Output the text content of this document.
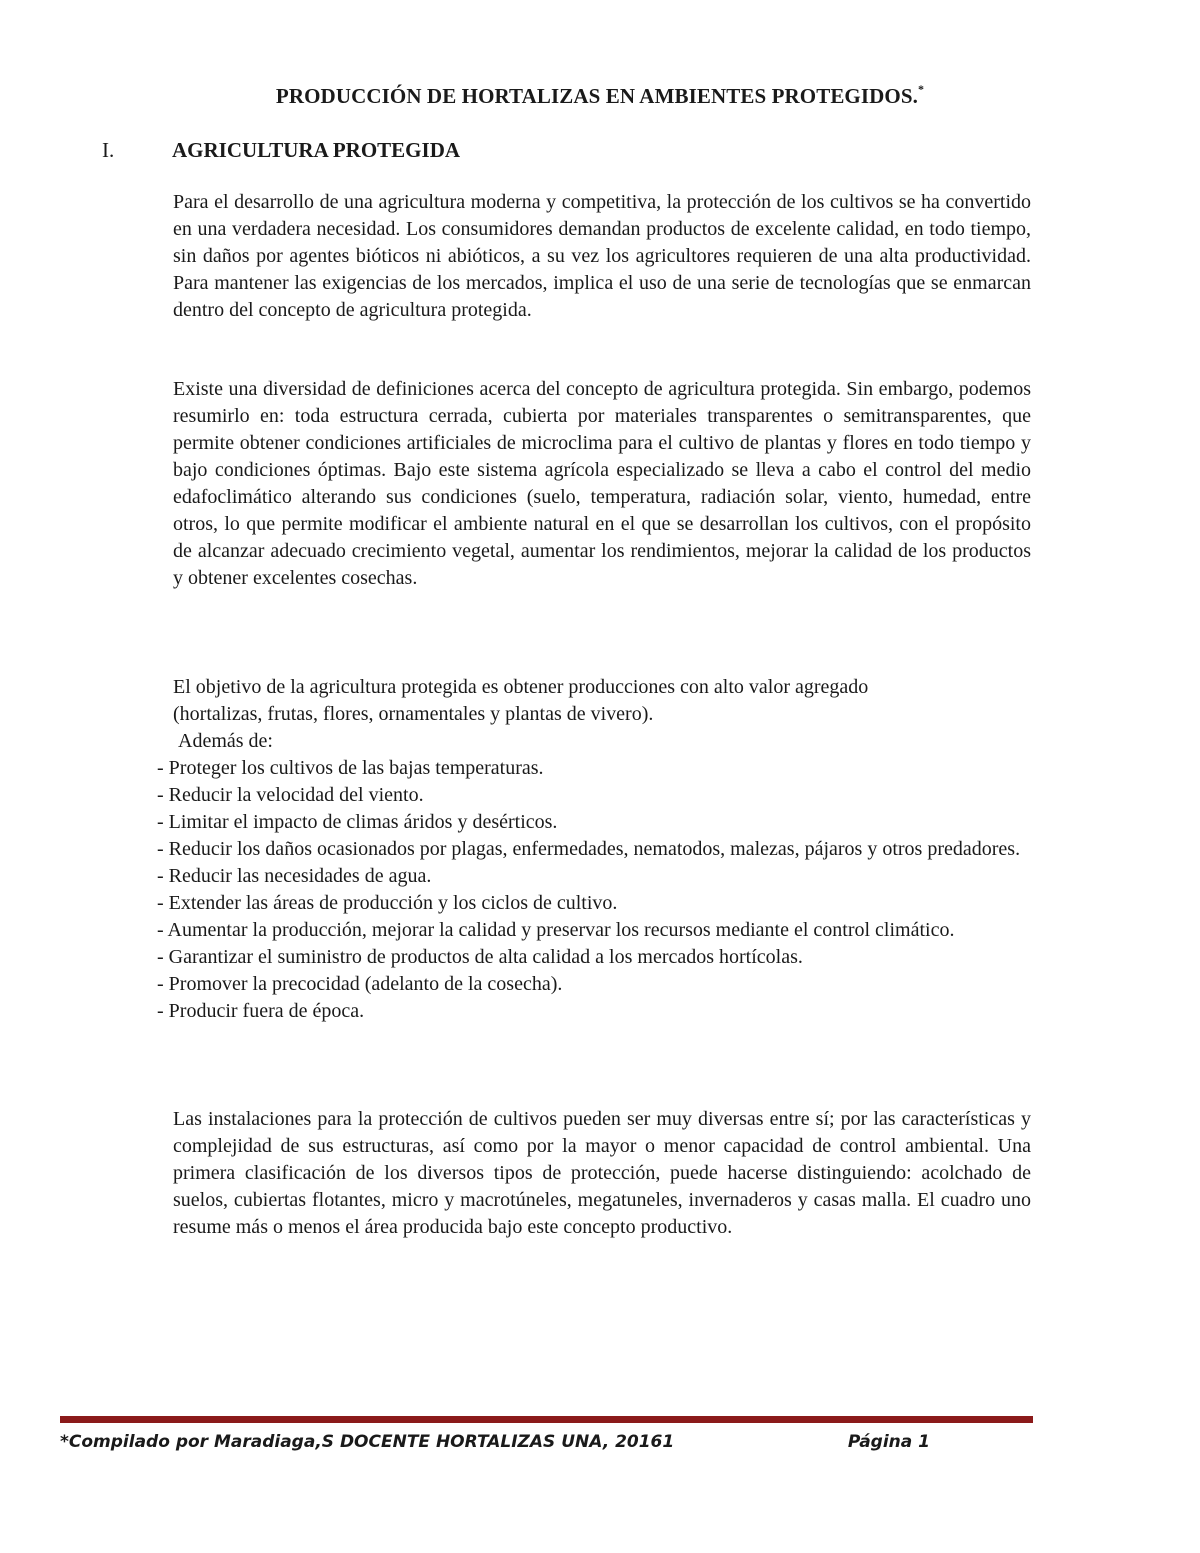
PRODUCCIÓN DE HORTALIZAS EN AMBIENTES PROTEGIDOS.*
I.	AGRICULTURA PROTEGIDA
Para el desarrollo de una agricultura moderna y competitiva, la protección de los cultivos se ha convertido en una verdadera necesidad. Los consumidores demandan productos de excelente calidad, en todo tiempo, sin daños por agentes bióticos ni abióticos, a su vez los agricultores requieren de una alta productividad. Para mantener las exigencias de los mercados, implica el uso de una serie de tecnologías que se enmarcan dentro del concepto de agricultura protegida.
Existe una diversidad de definiciones acerca del concepto de agricultura protegida. Sin embargo, podemos resumirlo en: toda estructura cerrada, cubierta por materiales transparentes o semitransparentes, que permite obtener condiciones artificiales de microclima para el cultivo de plantas y flores en todo tiempo y bajo condiciones óptimas. Bajo este sistema agrícola especializado se lleva a cabo el control del medio edafoclimático alterando sus condiciones (suelo, temperatura, radiación solar, viento, humedad, entre otros, lo que permite modificar el ambiente natural en el que se desarrollan los cultivos, con el propósito de alcanzar adecuado crecimiento vegetal, aumentar los rendimientos, mejorar la calidad de los productos y obtener excelentes cosechas.
El objetivo de la agricultura protegida es obtener producciones con alto valor agregado
(hortalizas, frutas, flores, ornamentales y plantas de vivero).
Además de:
- Proteger los cultivos de las bajas temperaturas.
- Reducir la velocidad del viento.
- Limitar el impacto de climas áridos y desérticos.
- Reducir los daños ocasionados por plagas, enfermedades, nematodos, malezas, pájaros y otros predadores.
- Reducir las necesidades de agua.
- Extender las áreas de producción y los ciclos de cultivo.
- Aumentar la producción, mejorar la calidad y preservar los recursos mediante el control climático.
- Garantizar el suministro de productos de alta calidad a los mercados hortícolas.
- Promover la precocidad (adelanto de la cosecha).
- Producir fuera de época.
Las instalaciones para la protección de cultivos pueden ser muy diversas entre sí; por las características y complejidad de sus estructuras, así como por la mayor o menor capacidad de control ambiental. Una primera clasificación de los diversos tipos de protección, puede hacerse distinguiendo: acolchado de suelos, cubiertas flotantes, micro y macrotúneles, megatuneles, invernaderos y casas malla. El cuadro uno resume más o menos el área producida bajo este concepto productivo.
*Compilado por Maradiaga,S DOCENTE HORTALIZAS UNA, 20161	Página 1
